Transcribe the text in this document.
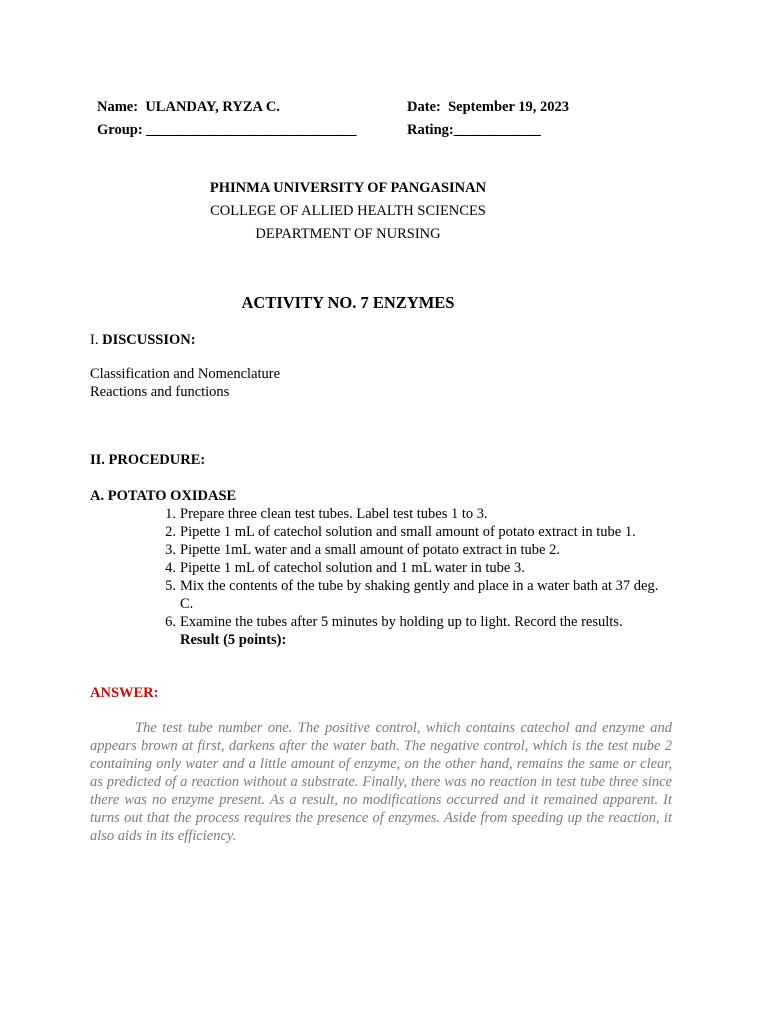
Name: ULANDAY, RYZA C.	Date: September 19, 2023
Group: _____________________________	Rating:____________
PHINMA UNIVERSITY OF PANGASINAN
COLLEGE OF ALLIED HEALTH SCIENCES
DEPARTMENT OF NURSING
ACTIVITY NO. 7 ENZYMES
I. DISCUSSION:
Classification and Nomenclature
Reactions and functions
II. PROCEDURE:
A. POTATO OXIDASE
1. Prepare three clean test tubes. Label test tubes 1 to 3.
2. Pipette 1 mL of catechol solution and small amount of potato extract in tube 1.
3. Pipette 1mL water and a small amount of potato extract in tube 2.
4. Pipette 1 mL of catechol solution and 1 mL water in tube 3.
5. Mix the contents of the tube by shaking gently and place in a water bath at 37 deg. C.
6. Examine the tubes after 5 minutes by holding up to light. Record the results.
Result (5 points):
ANSWER:

The test tube number one. The positive control, which contains catechol and enzyme and appears brown at first, darkens after the water bath. The negative control, which is the test nube 2 containing only water and a little amount of enzyme, on the other hand, remains the same or clear, as predicted of a reaction without a substrate. Finally, there was no reaction in test tube three since there was no enzyme present. As a result, no modifications occurred and it remained apparent. It turns out that the process requires the presence of enzymes. Aside from speeding up the reaction, it also aids in its efficiency.
